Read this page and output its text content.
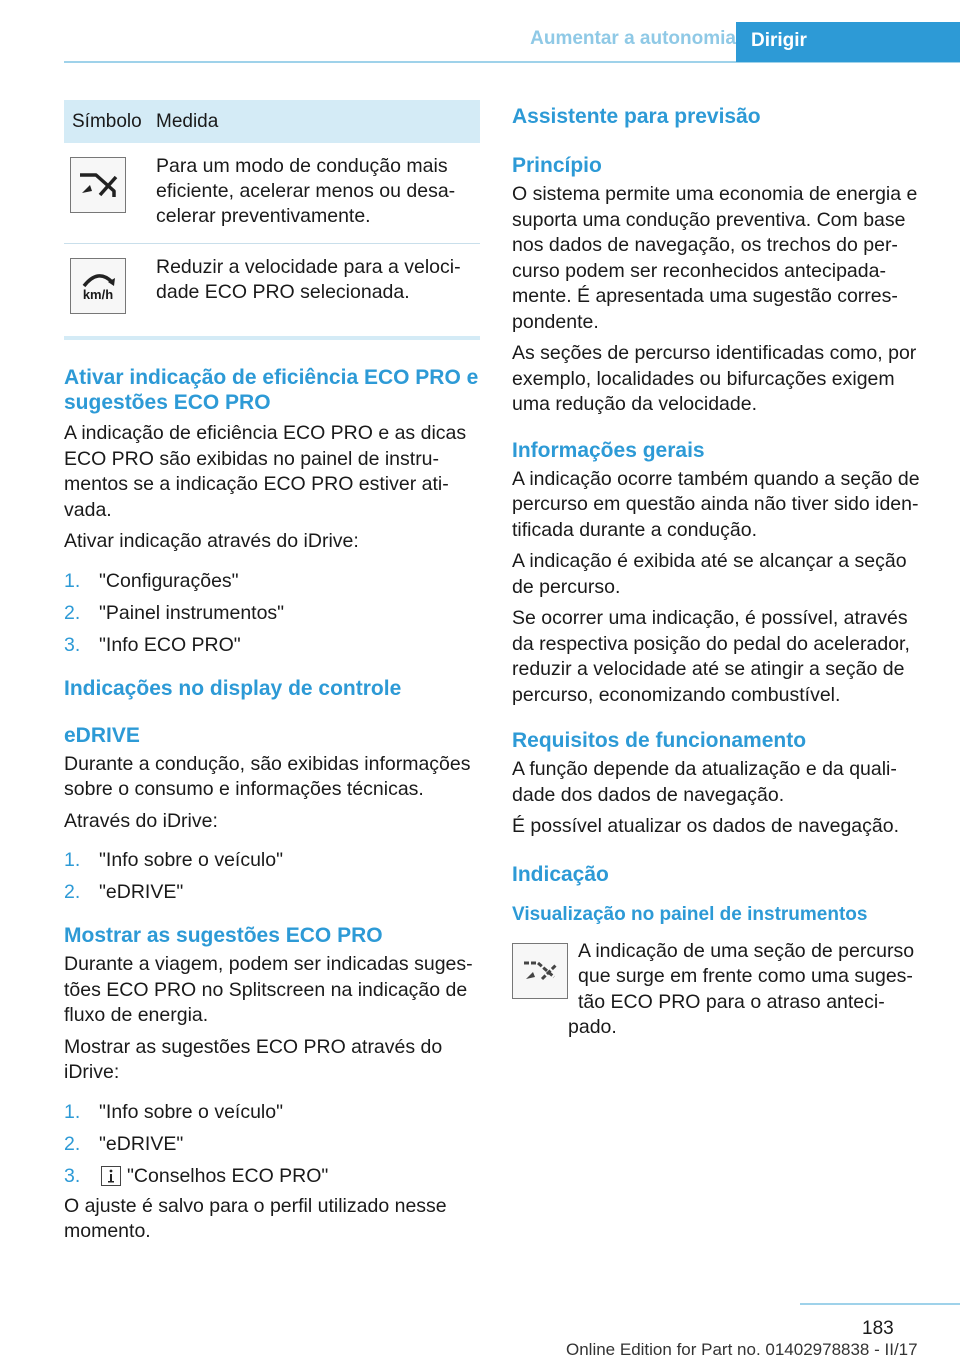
Aumentar a autonomia Dirigir
Símbolo	Medida

	Para um modo de condução mais eficiente, acelerar menos ou desa-celerar preventivamente.

km/h	Reduzir a velocidade para a veloci-dade ECO PRO selecionada.
Ativar indicação de eficiência ECO PRO e sugestões ECO PRO

A indicação de eficiência ECO PRO e as dicas ECO PRO são exibidas no painel de instru-mentos se a indicação ECO PRO estiver ati-vada.

Ativar indicação através do iDrive:

1. "Configurações"
2. "Painel instrumentos"
3. "Info ECO PRO"
Indicações no display de controle
eDRIVE

Durante a condução, são exibidas informações sobre o consumo e informações técnicas.

Através do iDrive:

1. "Info sobre o veículo"
2. "eDRIVE"
Mostrar as sugestões ECO PRO

Durante a viagem, podem ser indicadas suges-tões ECO PRO no Splitscreen na indicação de fluxo de energia.

Mostrar as sugestões ECO PRO através do iDrive:

1. "Info sobre o veículo"
2. "eDRIVE"
3. "Conselhos ECO PRO"

O ajuste é salvo para o perfil utilizado nesse momento.

Assistente para previsão
Princípio

O sistema permite uma economia de energia e suporta uma condução preventiva. Com base nos dados de navegação, os trechos do per-curso podem ser reconhecidos antecipada-mente. É apresentada uma sugestão corres-pondente.

As seções de percurso identificadas como, por exemplo, localidades ou bifurcações exigem uma redução da velocidade.

Informações gerais

A indicação ocorre também quando a seção de percurso em questão ainda não tiver sido iden-tificada durante a condução.

A indicação é exibida até se alcançar a seção de percurso.

Se ocorrer uma indicação, é possível, através da respectiva posição do pedal do acelerador, reduzir a velocidade até se atingir a seção de percurso, economizando combustível.

Requisitos de funcionamento

A função depende da atualização e da quali-dade dos dados de navegação.

É possível atualizar os dados de navegação.

Indicação
Visualização no painel de instrumentos

A indicação de uma seção de percurso que surge em frente como uma suges-tão ECO PRO para o atraso anteci-pado.

183
Online Edition for Part no. 01402978838 - II/17
